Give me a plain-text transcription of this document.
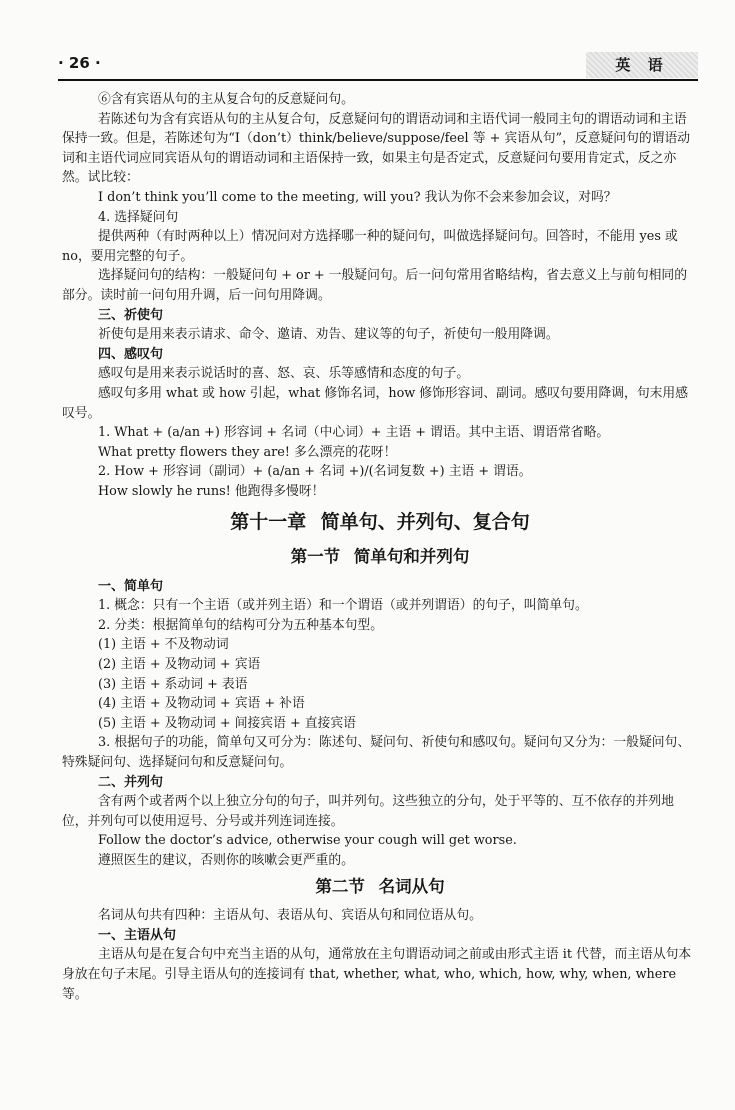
· 26 ·	英 语

⑥含有宾语从句的主从复合句的反意疑问句。

若陈述句为含有宾语从句的主从复合句，反意疑问句的谓语动词和主语代词一般同主句的谓语动词和主语保持一致。但是，若陈述句为“I（don’t）think/believe/suppose/feel 等 + 宾语从句”，反意疑问句的谓语动词和主语代词应同宾语从句的谓语动词和主语保持一致，如果主句是否定式，反意疑问句要用肯定式，反之亦然。试比较：

I don’t think you’ll come to the meeting, will you? 我认为你不会来参加会议，对吗？

4. 选择疑问句

提供两种（有时两种以上）情况问对方选择哪一种的疑问句，叫做选择疑问句。回答时，不能用 yes 或 no，要用完整的句子。

选择疑问句的结构：一般疑问句 + or + 一般疑问句。后一问句常用省略结构，省去意义上与前句相同的部分。读时前一问句用升调，后一问句用降调。

三、祈使句

祈使句是用来表示请求、命令、邀请、劝告、建议等的句子，祈使句一般用降调。

四、感叹句

感叹句是用来表示说话时的喜、怒、哀、乐等感情和态度的句子。

感叹句多用 what 或 how 引起，what 修饰名词，how 修饰形容词、副词。感叹句要用降调，句末用感叹号。

1. What + (a/an +) 形容词 + 名词（中心词）+ 主语 + 谓语。其中主语、谓语常省略。

What pretty flowers they are! 多么漂亮的花呀！

2. How + 形容词（副词）+ (a/an + 名词 +)/(名词复数 +) 主语 + 谓语。

How slowly he runs! 他跑得多慢呀！

第十一章 简单句、并列句、复合句
第一节 简单句和并列句

一、简单句

1. 概念：只有一个主语（或并列主语）和一个谓语（或并列谓语）的句子，叫简单句。

2. 分类：根据简单句的结构可分为五种基本句型。

(1) 主语 + 不及物动词

(2) 主语 + 及物动词 + 宾语

(3) 主语 + 系动词 + 表语

(4) 主语 + 及物动词 + 宾语 + 补语

(5) 主语 + 及物动词 + 间接宾语 + 直接宾语

3. 根据句子的功能，简单句又可分为：陈述句、疑问句、祈使句和感叹句。疑问句又分为：一般疑问句、特殊疑问句、选择疑问句和反意疑问句。

二、并列句

含有两个或者两个以上独立分句的句子，叫并列句。这些独立的分句，处于平等的、互不依存的并列地位，并列句可以使用逗号、分号或并列连词连接。

Follow the doctor’s advice, otherwise your cough will get worse.

遵照医生的建议，否则你的咳嗽会更严重的。

第二节 名词从句

名词从句共有四种：主语从句、表语从句、宾语从句和同位语从句。

一、主语从句

主语从句是在复合句中充当主语的从句，通常放在主句谓语动词之前或由形式主语 it 代替，而主语从句本身放在句子末尾。引导主语从句的连接词有 that, whether, what, who, which, how, why, when, where 等。
